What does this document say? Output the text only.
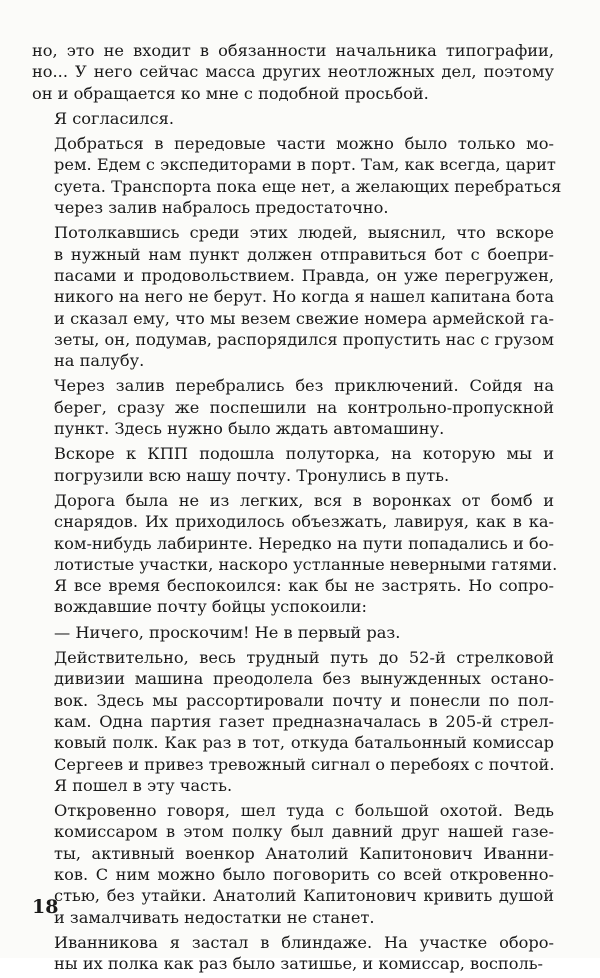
но, это не входит в обязанности начальника типографии,
но... У него сейчас масса других неотложных дел, поэтому
он и обращается ко мне с подобной просьбой.
Я согласился.
Добраться в передовые части можно было только мо-
рем. Едем с экспедиторами в порт. Там, как всегда, царит
суета. Транспорта пока еще нет, а желающих перебраться
через залив набралось предостаточно.
Потолкавшись среди этих людей, выяснил, что вскоре
в нужный нам пункт должен отправиться бот с боепри-
пасами и продовольствием. Правда, он уже перегружен,
никого на него не берут. Но когда я нашел капитана бота
и сказал ему, что мы везем свежие номера армейской га-
зеты, он, подумав, распорядился пропустить нас с грузом
на палубу.
Через залив перебрались без приключений. Сойдя на
берег, сразу же поспешили на контрольно-пропускной
пункт. Здесь нужно было ждать автомашину.
Вскоре к КПП подошла полуторка, на которую мы и
погрузили всю нашу почту. Тронулись в путь.
Дорога была не из легких, вся в воронках от бомб и
снарядов. Их приходилось объезжать, лавируя, как в ка-
ком-нибудь лабиринте. Нередко на пути попадались и бо-
лотистые участки, наскоро устланные неверными гатями.
Я все время беспокоился: как бы не застрять. Но сопро-
вождавшие почту бойцы успокоили:
— Ничего, проскочим! Не в первый раз.
Действительно, весь трудный путь до 52-й стрелковой
дивизии машина преодолела без вынужденных остано-
вок. Здесь мы рассортировали почту и понесли по пол-
кам. Одна партия газет предназначалась в 205-й стрел-
ковый полк. Как раз в тот, откуда батальонный комиссар
Сергеев и привез тревожный сигнал о перебоях с почтой.
Я пошел в эту часть.
Откровенно говоря, шел туда с большой охотой. Ведь
комиссаром в этом полку был давний друг нашей газе-
ты, активный военкор Анатолий Капитонович Иванни-
ков. С ним можно было поговорить со всей откровенно-
стью, без утайки. Анатолий Капитонович кривить душой
и замалчивать недостатки не станет.
Иванникова я застал в блиндаже. На участке оборо-
ны их полка как раз было затишье, и комиссар, восполь-
18
